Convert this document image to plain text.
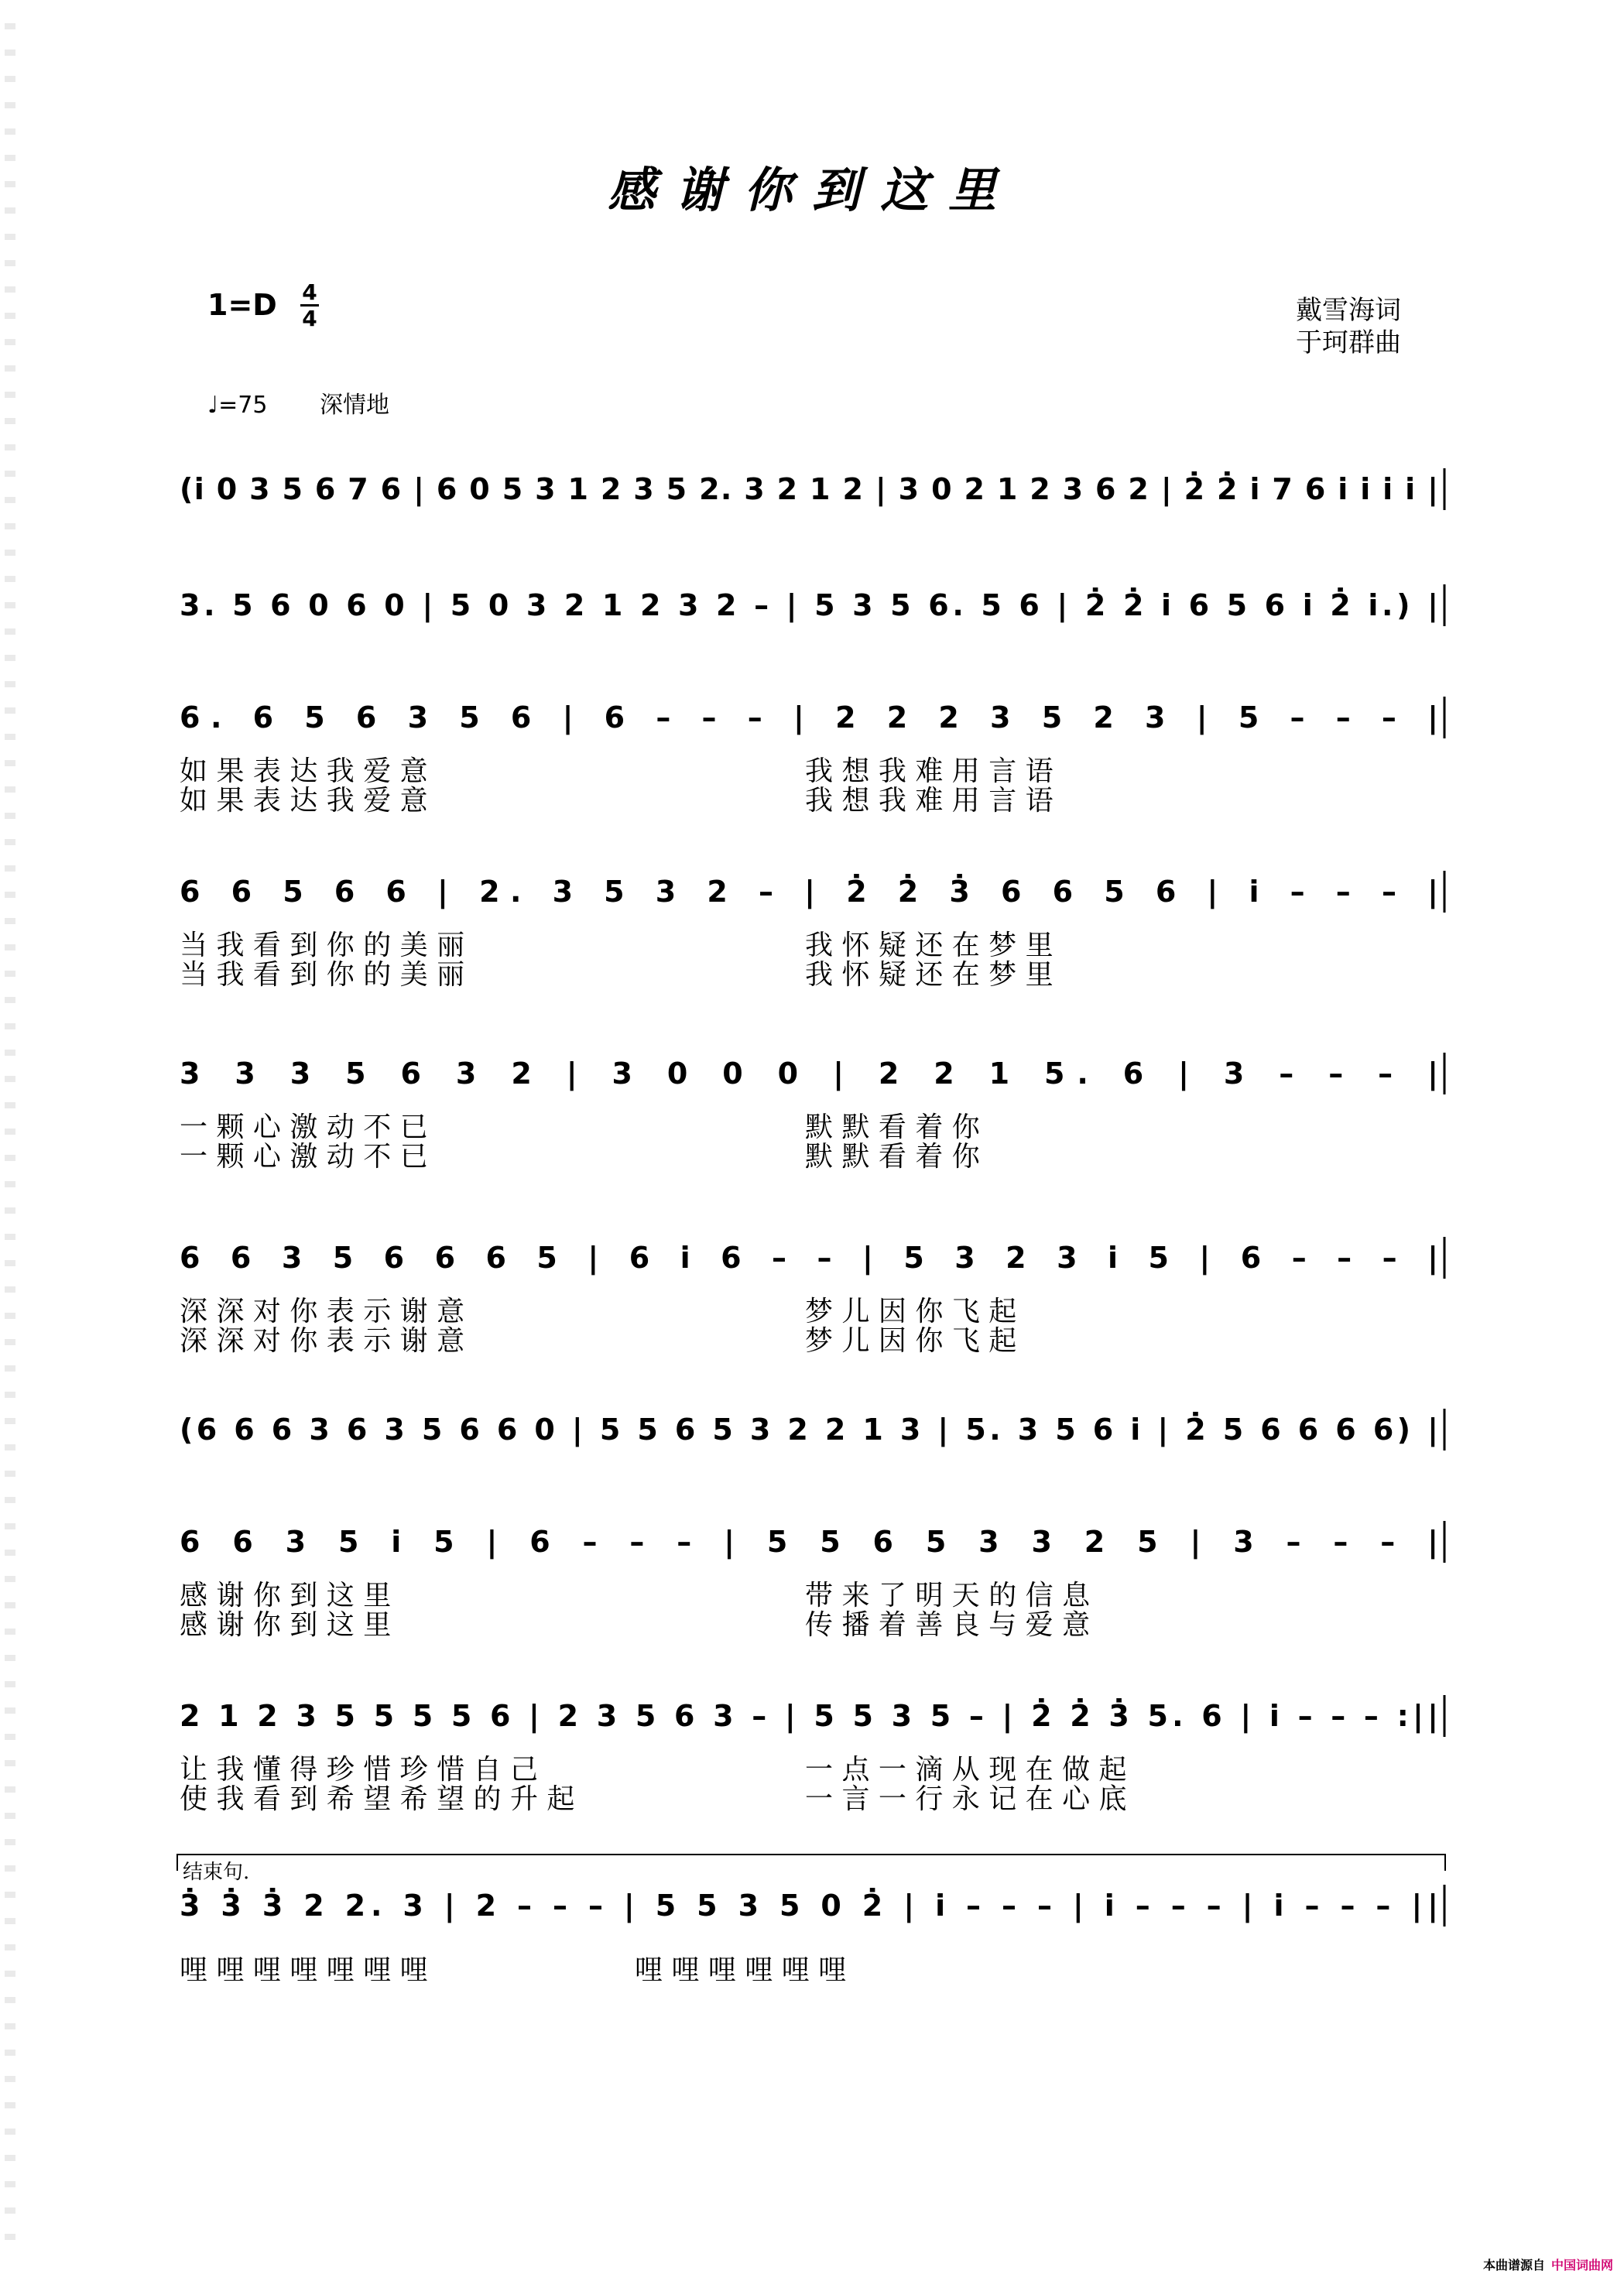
感谢你到这里
1=D 4
4	戴雪海词
于珂群曲
♩=75 深情地
(i̇ 0 3 5 6 7 6 | 6 0 5 3 1 2 3 5 2. 3 2 1 2 | 3 0 2 1 2 3 6 2 | 2̇ 2̇ i̇ 7 6 i̇ i̇ i̇ i̇ |
3. 5 6 0 6 0 | 5 0 3 2 1 2 3 2 – | 5 3 5 6. 5 6 | 2̇ 2̇ i̇ 6 5 6 i̇ 2̇ i̇.) |
6. 6 5 6 3 5 6 | 6 – – – | 2 2 2 3 5 2 3 | 5 – – – |
如 果 表 达 我 爱 意	我 想 我 难 用 言 语
如 果 表 达 我 爱 意	我 想 我 难 用 言 语
6 6 5 6 6 | 2. 3 5 3 2 – | 2̇ 2̇ 3̇ 6 6 5 6 | i̇ – – – |
当 我 看 到 你 的 美 丽	我 怀 疑 还 在 梦 里
当 我 看 到 你 的 美 丽	我 怀 疑 还 在 梦 里
3 3 3 5 6 3 2 | 3 0 0 0 | 2 2 1 5. 6 | 3 – – – |
一 颗 心 激 动 不 已	默 默 看 着 你
一 颗 心 激 动 不 已	默 默 看 着 你
6 6 3 5 6 6 6 5 | 6 i̇ 6 – – | 5 3 2 3 i̇ 5 | 6 – – – |
深 深 对 你 表 示 谢 意	梦 儿 因 你 飞 起
深 深 对 你 表 示 谢 意	梦 儿 因 你 飞 起
(6 6 6 3 6 3 5 6 6 0 | 5 5 6 5 3 2 2 1 3 | 5. 3 5 6 i̇ | 2̇ 5 6 6 6 6) |
6 6 3 5 i̇ 5 | 6 – – – | 5 5 6 5 3 3 2 5 | 3 – – – |
感 谢 你 到 这 里	带 来 了 明 天 的 信 息
感 谢 你 到 这 里	传 播 着 善 良 与 爱 意
2 1 2 3 5 5 5 5 6 | 2 3 5 6 3 – | 5 5 3 5 – | 2̇ 2̇ 3̇ 5. 6 | i̇ – – – :||
让 我 懂 得 珍 惜 珍 惜 自 己	一 点 一 滴 从 现 在 做 起
使 我 看 到 希 望 希 望 的 升 起	一 言 一 行 永 记 在 心 底
3̇ 3̇ 3̇ 2 2. 3 | 2 – – – | 5 5 3 5 0 2̇ | i̇ – – – | i̇ – – – | i̇ – – – ||
哩 哩 哩 哩 哩 哩 哩	哩 哩 哩 哩 哩 哩
结束句.
本曲谱源自 中国词曲网
